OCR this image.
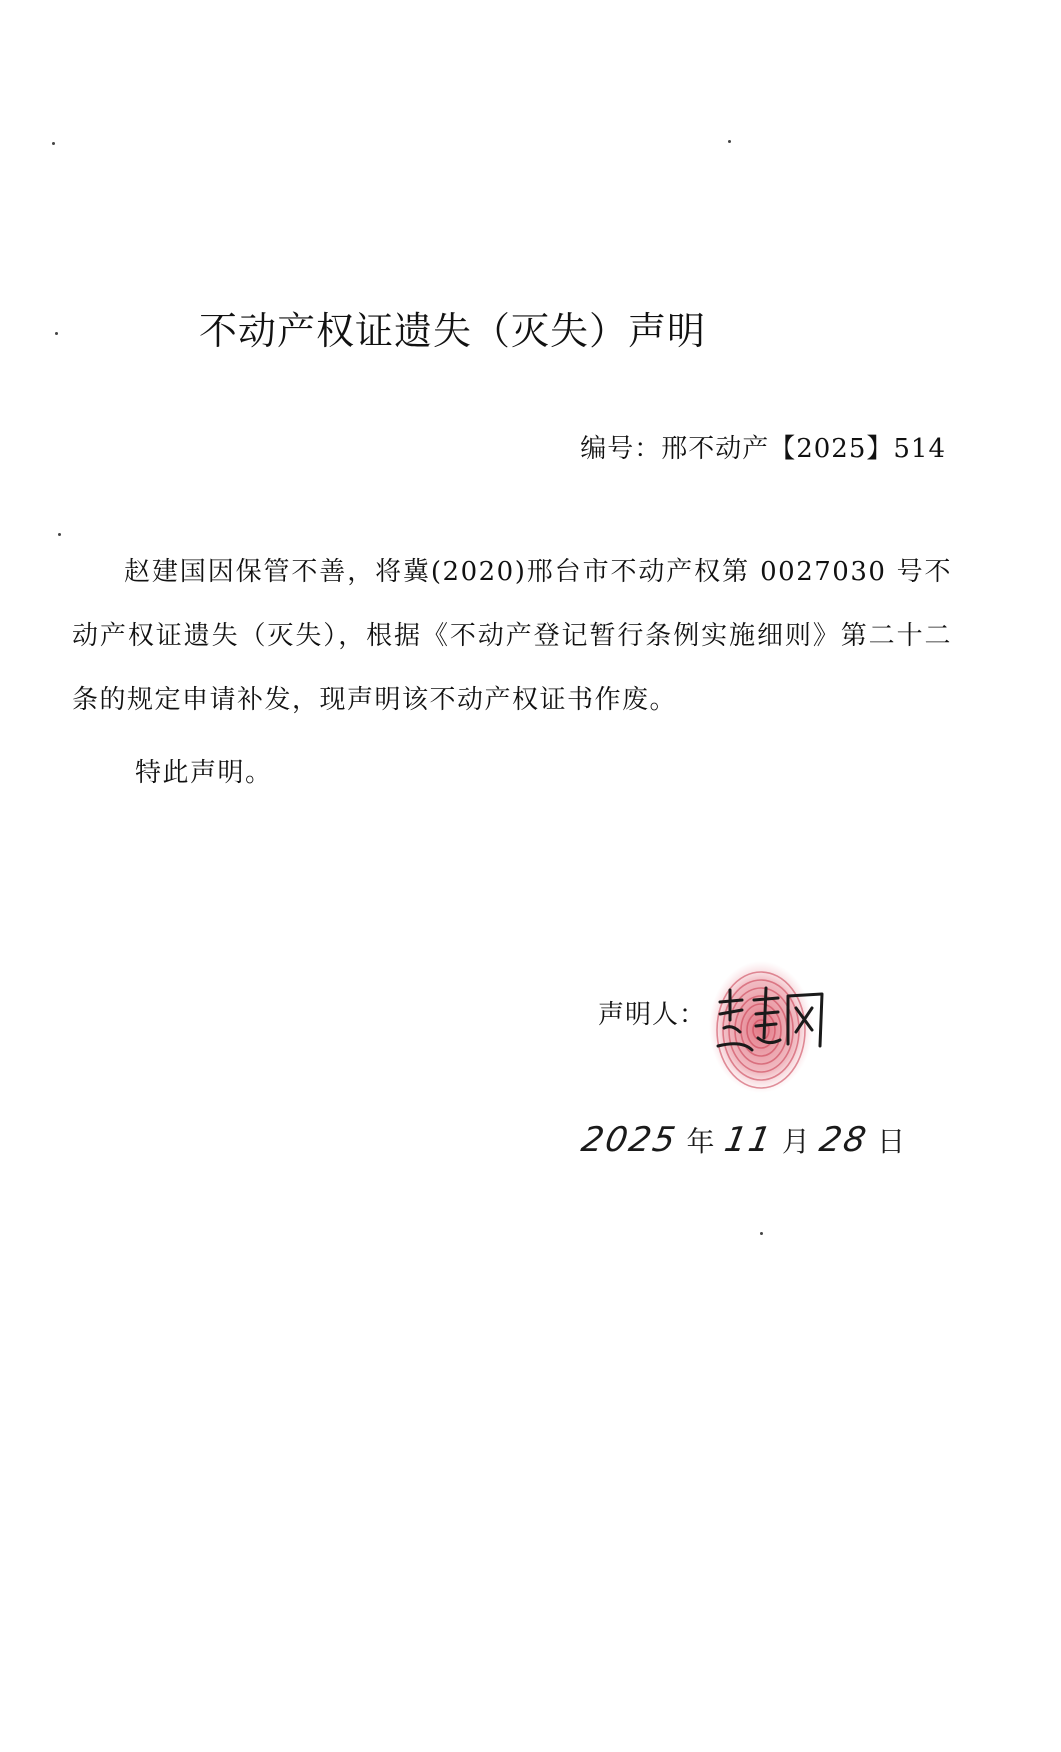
不动产权证遗失（灭失）声明
编号：邢不动产【2025】514

赵建国因保管不善，将冀(2020)邢台市不动产权第 0027030 号不动产权证遗失（灭失），根据《不动产登记暂行条例实施细则》第二十二条的规定申请补发，现声明该不动产权证书作废。

特此声明。
声明人：
2025 年 11 月 28 日
